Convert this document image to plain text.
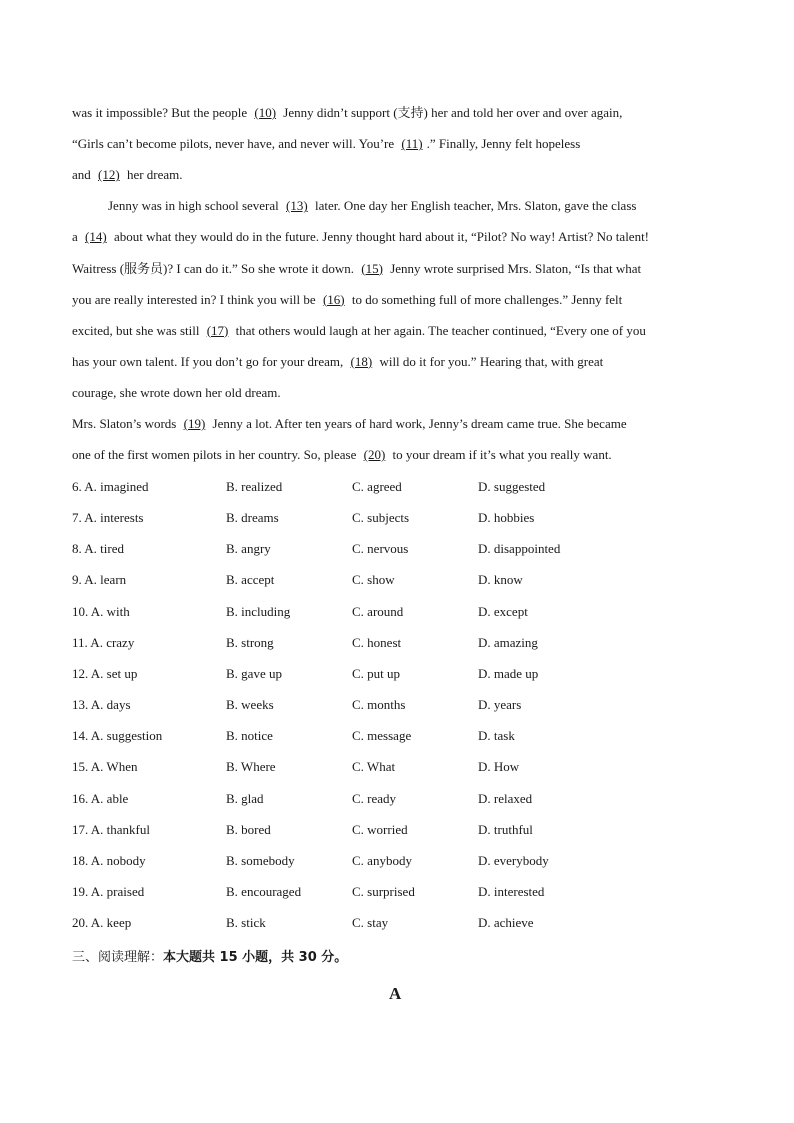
was it impossible? But the people (10) Jenny didn’t support (支持) her and told her over and over again,
“Girls can’t become pilots, never have, and never will. You’re (11) .” Finally, Jenny felt hopeless
and (12) her dream.
Jenny was in high school several (13) later. One day her English teacher, Mrs. Slaton, gave the class
a (14) about what they would do in the future. Jenny thought hard about it, “Pilot? No way! Artist? No talent!
Waitress (服务员)? I can do it.” So she wrote it down. (15) Jenny wrote surprised Mrs. Slaton, “Is that what
you are really interested in? I think you will be (16) to do something full of more challenges.” Jenny felt
excited, but she was still (17) that others would laugh at her again. The teacher continued, “Every one of you
has your own talent. If you don’t go for your dream, (18) will do it for you.” Hearing that, with great
courage, she wrote down her old dream.
Mrs. Slaton’s words (19) Jenny a lot. After ten years of hard work, Jenny’s dream came true. She became
one of the first women pilots in her country. So, please (20) to your dream if it’s what you really want.
6. A. imagined	B. realized	C. agreed	D. suggested
7. A. interests	B. dreams	C. subjects	D. hobbies
8. A. tired	B. angry	C. nervous	D. disappointed
9. A. learn	B. accept	C. show	D. know
10. A. with	B. including	C. around	D. except
11. A. crazy	B. strong	C. honest	D. amazing
12. A. set up	B. gave up	C. put up	D. made up
13. A. days	B. weeks	C. months	D. years
14. A. suggestion	B. notice	C. message	D. task
15. A. When	B. Where	C. What	D. How
16. A. able	B. glad	C. ready	D. relaxed
17. A. thankful	B. bored	C. worried	D. truthful
18. A. nobody	B. somebody	C. anybody	D. everybody
19. A. praised	B. encouraged	C. surprised	D. interested
20. A. keep	B. stick	C. stay	D. achieve
三、阅读理解：本大题共 15 小题，共 30 分。
A
